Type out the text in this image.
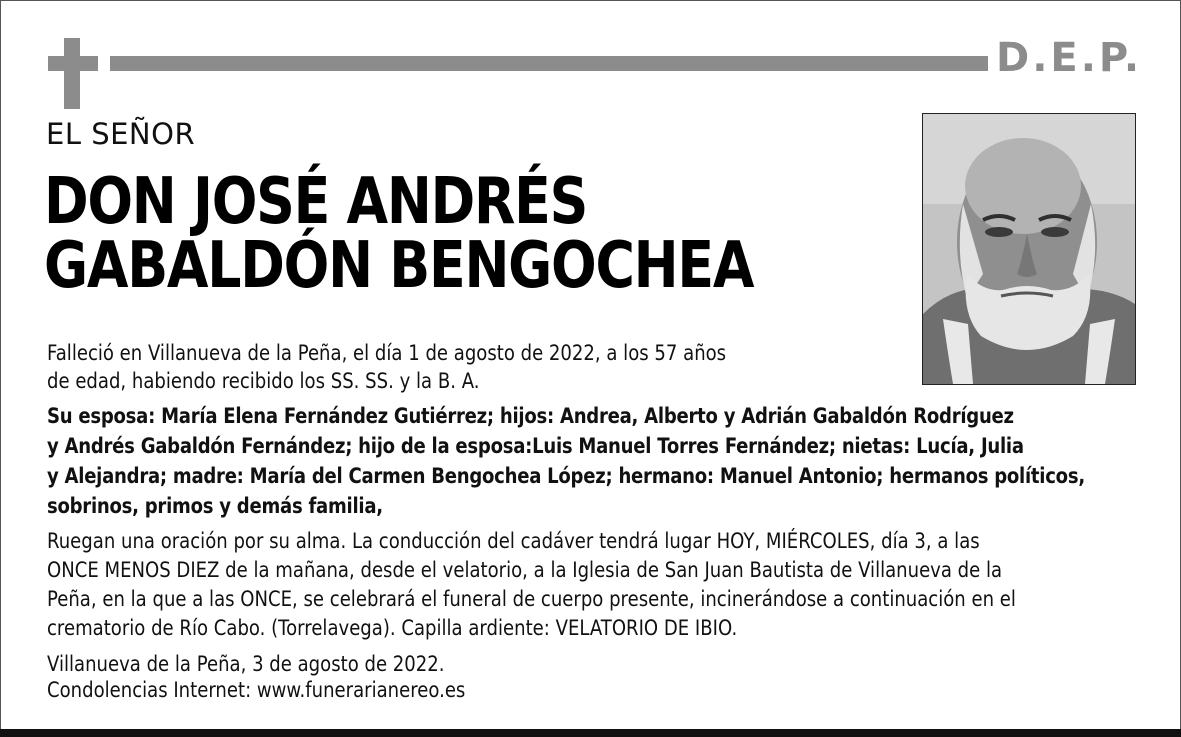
D.E.P.
EL SEÑOR
DON JOSÉ ANDRÉS
GABALDÓN BENGOCHEA
Falleció en Villanueva de la Peña, el día 1 de agosto de 2022, a los 57 años
de edad, habiendo recibido los SS. SS. y la B. A.
Su esposa: María Elena Fernández Gutiérrez; hijos: Andrea, Alberto y Adrián Gabaldón Rodríguez
y Andrés Gabaldón Fernández; hijo de la esposa:Luis Manuel Torres Fernández; nietas: Lucía, Julia
y Alejandra; madre: María del Carmen Bengochea López; hermano: Manuel Antonio; hermanos políticos,
sobrinos, primos y demás familia,
Ruegan una oración por su alma. La conducción del cadáver tendrá lugar HOY, MIÉRCOLES, día 3, a las
ONCE MENOS DIEZ de la mañana, desde el velatorio, a la Iglesia de San Juan Bautista de Villanueva de la
Peña, en la que a las ONCE, se celebrará el funeral de cuerpo presente, incinerándose a continuación en el
crematorio de Río Cabo. (Torrelavega). Capilla ardiente: VELATORIO DE IBIO.
Villanueva de la Peña, 3 de agosto de 2022.
Condolencias Internet: www.funerarianereo.es
